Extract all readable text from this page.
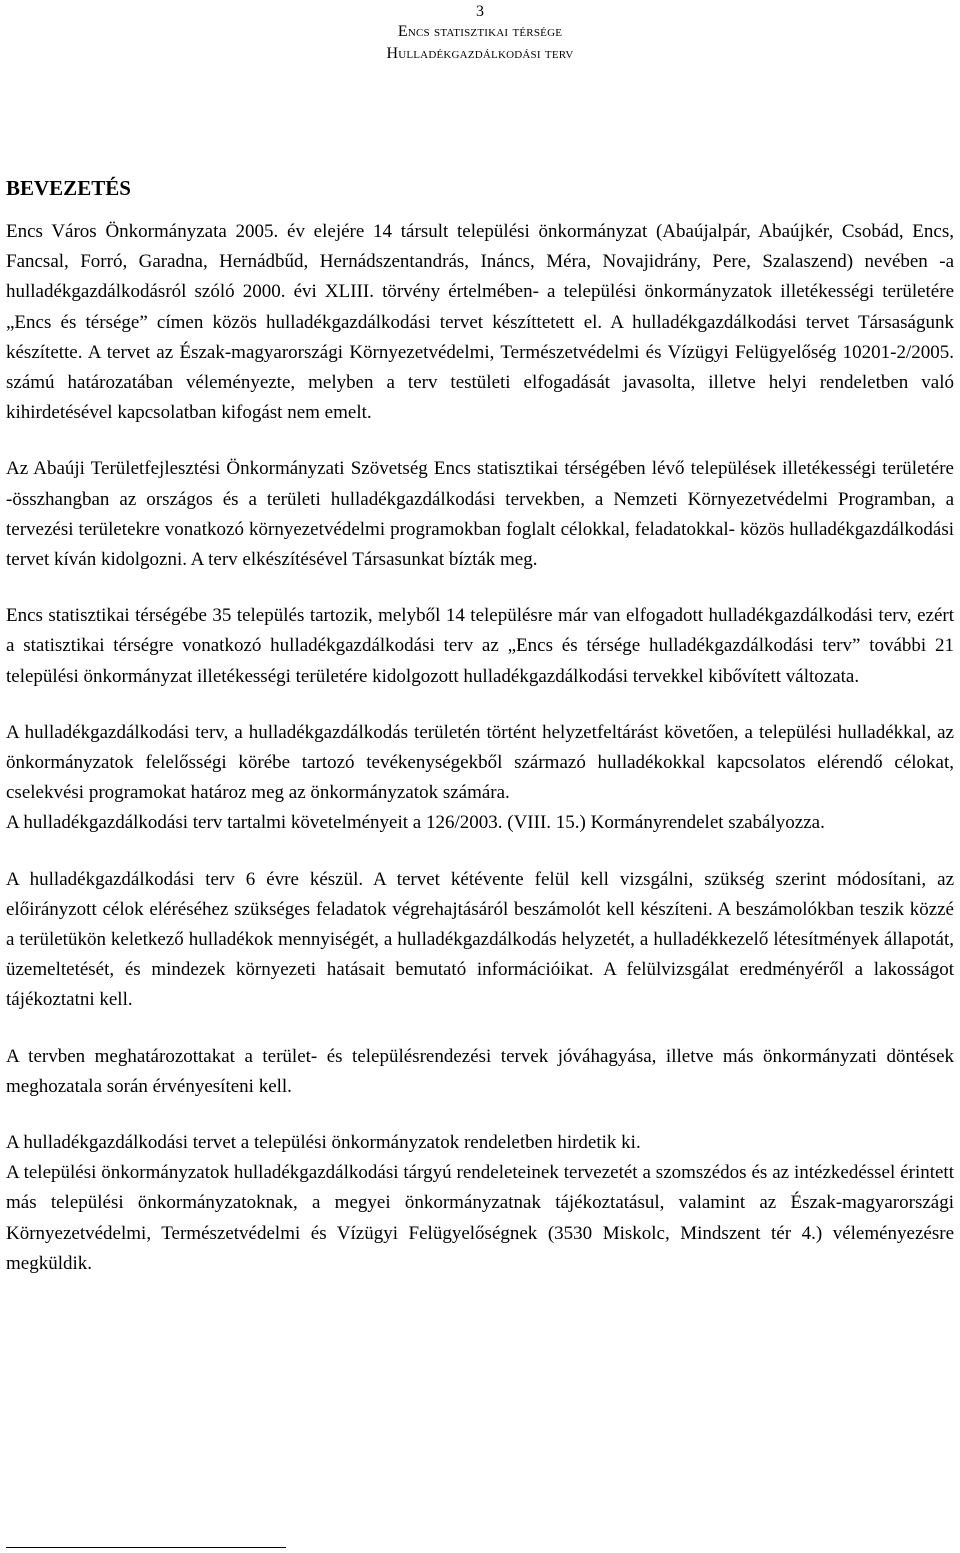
3
Encs statisztikai térsége
Hulladékgazdálkodási terv
BEVEZETÉS

Encs Város Önkormányzata 2005. év elejére 14 társult települési önkormányzat (Abaújalpár, Abaújkér, Csobád, Encs, Fancsal, Forró, Garadna, Hernádbűd, Hernádszentandrás, Ináncs, Méra, Novajidrány, Pere, Szalaszend) nevében -a hulladékgazdálkodásról szóló 2000. évi XLIII. törvény értelmében- a települési önkormányzatok illetékességi területére „Encs és térsége” címen közös hulladékgazdálkodási tervet készíttetett el. A hulladékgazdálkodási tervet Társaságunk készítette. A tervet az Észak-magyarországi Környezetvédelmi, Természetvédelmi és Vízügyi Felügyelőség 10201-2/2005. számú határozatában véleményezte, melyben a terv testületi elfogadását javasolta, illetve helyi rendeletben való kihirdetésével kapcsolatban kifogást nem emelt.

Az Abaúji Területfejlesztési Önkormányzati Szövetség Encs statisztikai térségében lévő települések illetékességi területére -összhangban az országos és a területi hulladékgazdálkodási tervekben, a Nemzeti Környezetvédelmi Programban, a tervezési területekre vonatkozó környezetvédelmi programokban foglalt célokkal, feladatokkal- közös hulladékgazdálkodási tervet kíván kidolgozni. A terv elkészítésével Társasunkat bízták meg.

Encs statisztikai térségébe 35 település tartozik, melyből 14 településre már van elfogadott hulladékgazdálkodási terv, ezért a statisztikai térségre vonatkozó hulladékgazdálkodási terv az „Encs és térsége hulladékgazdálkodási terv” további 21 települési önkormányzat illetékességi területére kidolgozott hulladékgazdálkodási tervekkel kibővített változata.

A hulladékgazdálkodási terv, a hulladékgazdálkodás területén történt helyzetfeltárást követően, a települési hulladékkal, az önkormányzatok felelősségi körébe tartozó tevékenységekből származó hulladékokkal kapcsolatos elérendő célokat, cselekvési programokat határoz meg az önkormányzatok számára.

A hulladékgazdálkodási terv tartalmi követelményeit a 126/2003. (VIII. 15.) Kormányrendelet szabályozza.

A hulladékgazdálkodási terv 6 évre készül. A tervet kétévente felül kell vizsgálni, szükség szerint módosítani, az előirányzott célok eléréséhez szükséges feladatok végrehajtásáról beszámolót kell készíteni. A beszámolókban teszik közzé a területükön keletkező hulladékok mennyiségét, a hulladékgazdálkodás helyzetét, a hulladékkezelő létesítmények állapotát, üzemeltetését, és mindezek környezeti hatásait bemutató információikat. A felülvizsgálat eredményéről a lakosságot tájékoztatni kell.

A tervben meghatározottakat a terület- és településrendezési tervek jóváhagyása, illetve más önkormányzati döntések meghozatala során érvényesíteni kell.

A hulladékgazdálkodási tervet a települési önkormányzatok rendeletben hirdetik ki.

A települési önkormányzatok hulladékgazdálkodási tárgyú rendeleteinek tervezetét a szomszédos és az intézkedéssel érintett más települési önkormányzatoknak, a megyei önkormányzatnak tájékoztatásul, valamint az Észak-magyarországi Környezetvédelmi, Természetvédelmi és Vízügyi Felügyelőségnek (3530 Miskolc, Mindszent tér 4.) véleményezésre megküldik.
